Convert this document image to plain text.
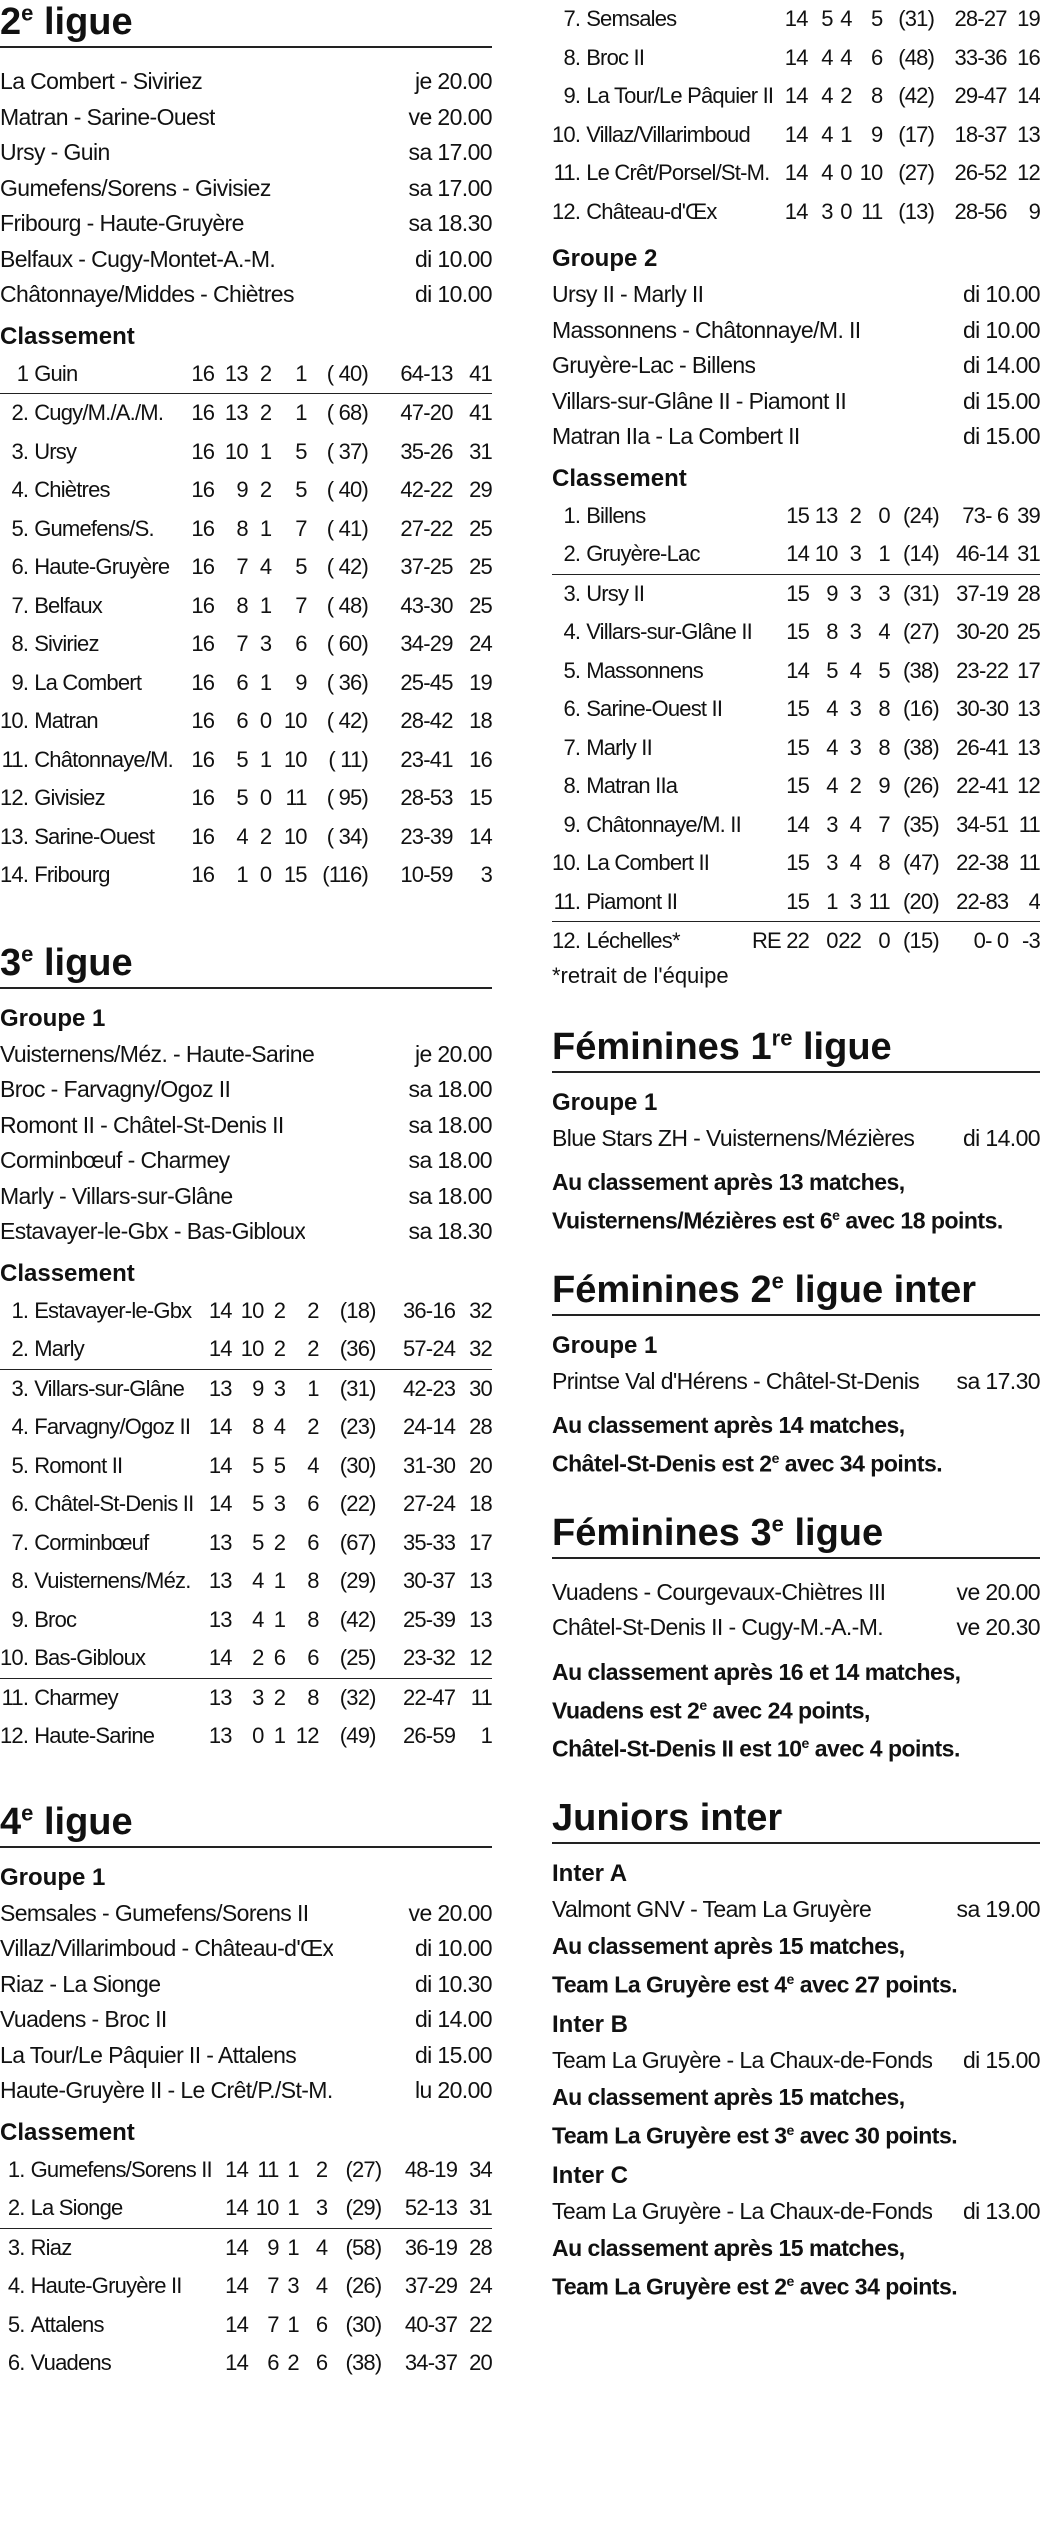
2e ligue
La Combert - Siviriez	je 20.00
Matran - Sarine-Ouest	ve 20.00
Ursy - Guin	sa 17.00
Gumefens/Sorens - Givisiez	sa 17.00
Fribourg - Haute-Gruyère	sa 18.30
Belfaux - Cugy-Montet-A.-M.	di 10.00
Châtonnaye/Middes - Chiètres	di 10.00
Classement
1	Guin	16	13	2	1	( 40)	64-13	41
2.	Cugy/M./A./M.	16	13	2	1	( 68)	47-20	41
3.	Ursy	16	10	1	5	( 37)	35-26	31
4.	Chiètres	16	9	2	5	( 40)	42-22	29
5.	Gumefens/S.	16	8	1	7	( 41)	27-22	25
6.	Haute-Gruyère	16	7	4	5	( 42)	37-25	25
7.	Belfaux	16	8	1	7	( 48)	43-30	25
8.	Siviriez	16	7	3	6	( 60)	34-29	24
9.	La Combert	16	6	1	9	( 36)	25-45	19
10.	Matran	16	6	0	10	( 42)	28-42	18
11.	Châtonnaye/M.	16	5	1	10	( 11)	23-41	16
12.	Givisiez	16	5	0	11	( 95)	28-53	15
13.	Sarine-Ouest	16	4	2	10	( 34)	23-39	14
14.	Fribourg	16	1	0	15	(116)	10-59	3
3e ligue
Groupe 1
Vuisternens/Méz. - Haute-Sarine	je 20.00
Broc - Farvagny/Ogoz II	sa 18.00
Romont II - Châtel-St-Denis II	sa 18.00
Corminbœuf - Charmey	sa 18.00
Marly - Villars-sur-Glâne	sa 18.00
Estavayer-le-Gbx - Bas-Gibloux	sa 18.30
Classement
1.	Estavayer-le-Gbx	14	10	2	2	(18)	36-16	32
2.	Marly	14	10	2	2	(36)	57-24	32
3.	Villars-sur-Glâne	13	9	3	1	(31)	42-23	30
4.	Farvagny/Ogoz II	14	8	4	2	(23)	24-14	28
5.	Romont II	14	5	5	4	(30)	31-30	20
6.	Châtel-St-Denis II	14	5	3	6	(22)	27-24	18
7.	Corminbœuf	13	5	2	6	(67)	35-33	17
8.	Vuisternens/Méz.	13	4	1	8	(29)	30-37	13
9.	Broc	13	4	1	8	(42)	25-39	13
10.	Bas-Gibloux	14	2	6	6	(25)	23-32	12
11.	Charmey	13	3	2	8	(32)	22-47	11
12.	Haute-Sarine	13	0	1	12	(49)	26-59	1
4e ligue
Groupe 1
Semsales - Gumefens/Sorens II	ve 20.00
Villaz/Villarimboud - Château-d'Œx	di 10.00
Riaz - La Sionge	di 10.30
Vuadens - Broc II	di 14.00
La Tour/Le Pâquier II - Attalens	di 15.00
Haute-Gruyère II - Le Crêt/P./St-M.	lu 20.00
Classement
1.	Gumefens/Sorens II	14	11	1	2	(27)	48-19	34
2.	La Sionge	14	10	1	3	(29)	52-13	31
3.	Riaz	14	9	1	4	(58)	36-19	28
4.	Haute-Gruyère II	14	7	3	4	(26)	37-29	24
5.	Attalens	14	7	1	6	(30)	40-37	22
6.	Vuadens	14	6	2	6	(38)	34-37	20
7.	Semsales	14	5	4	5	(31)	28-27	19
8.	Broc II	14	4	4	6	(48)	33-36	16
9.	La Tour/Le Pâquier II	14	4	2	8	(42)	29-47	14
10.	Villaz/Villarimboud	14	4	1	9	(17)	18-37	13
11.	Le Crêt/Porsel/St-M.	14	4	0	10	(27)	26-52	12
12.	Château-d'Œx	14	3	0	11	(13)	28-56	9
Groupe 2
Ursy II - Marly II	di 10.00
Massonnens - Châtonnaye/M. II	di 10.00
Gruyère-Lac - Billens	di 14.00
Villars-sur-Glâne II - Piamont II	di 15.00
Matran IIa - La Combert II	di 15.00
Classement
1.	Billens	15	13	2	0	(24)	73- 6	39
2.	Gruyère-Lac	14	10	3	1	(14)	46-14	31
3.	Ursy II	15	9	3	3	(31)	37-19	28
4.	Villars-sur-Glâne II	15	8	3	4	(27)	30-20	25
5.	Massonnens	14	5	4	5	(38)	23-22	17
6.	Sarine-Ouest II	15	4	3	8	(16)	30-30	13
7.	Marly II	15	4	3	8	(38)	26-41	13
8.	Matran IIa	15	4	2	9	(26)	22-41	12
9.	Châtonnaye/M. II	14	3	4	7	(35)	34-51	11
10.	La Combert II	15	3	4	8	(47)	22-38	11
11.	Piamont II	15	1	3	11	(20)	22-83	4
12.	Léchelles*	RE 22	0	22	0	(15)	0- 0	-3
*retrait de l'équipe
Féminines 1re ligue
Groupe 1
Blue Stars ZH - Vuisternens/Mézières	di 14.00
Au classement après 13 matches,
Vuisternens/Mézières est 6e avec 18 points.
Féminines 2e ligue inter
Groupe 1
Printse Val d'Hérens - Châtel-St-Denis	sa 17.30
Au classement après 14 matches,
Châtel-St-Denis est 2e avec 34 points.
Féminines 3e ligue
Vuadens - Courgevaux-Chiètres III	ve 20.00
Châtel-St-Denis II - Cugy-M.-A.-M.	ve 20.30
Au classement après 16 et 14 matches,
Vuadens est 2e avec 24 points,
Châtel-St-Denis II est 10e avec 4 points.
Juniors inter
Inter A
Valmont GNV - Team La Gruyère	sa 19.00
Au classement après 15 matches,
Team La Gruyère est 4e avec 27 points.
Inter B
Team La Gruyère - La Chaux-de-Fonds	di 15.00
Au classement après 15 matches,
Team La Gruyère est 3e avec 30 points.
Inter C
Team La Gruyère - La Chaux-de-Fonds	di 13.00
Au classement après 15 matches,
Team La Gruyère est 2e avec 34 points.
